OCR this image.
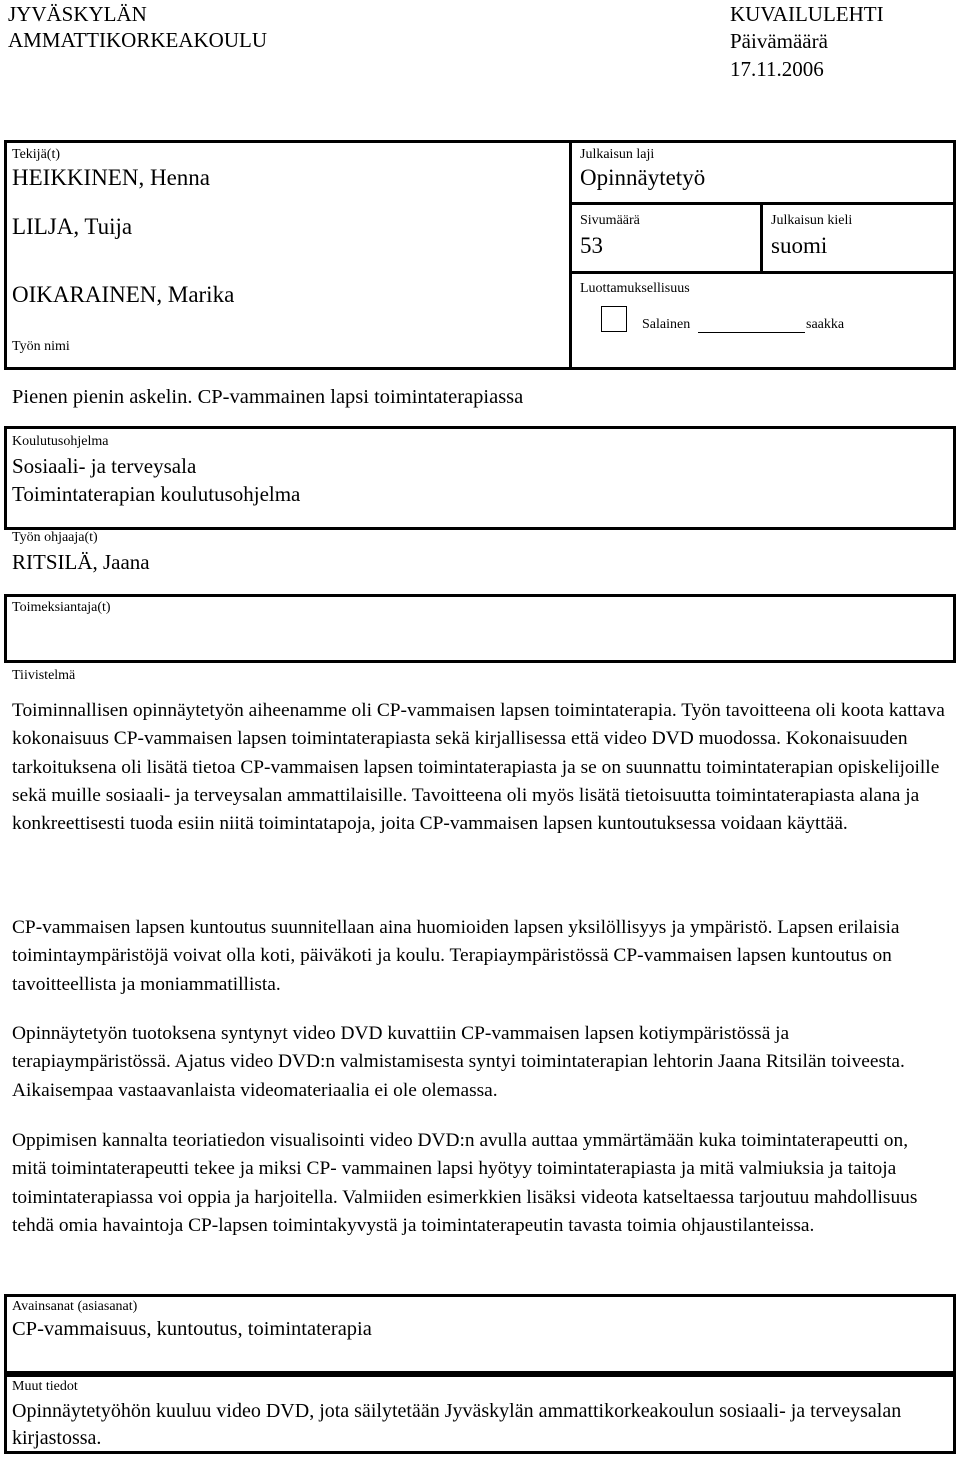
JYVÄSKYLÄN
AMMATTIKORKEAKOULU
KUVAILULEHTI
Päivämäärä
17.11.2006
Tekijä(t)
HEIKKINEN, Henna
LILJA, Tuija
OIKARAINEN, Marika
Työn nimi
Julkaisun laji
Opinnäytetyö
Sivumäärä
53
Julkaisun kieli
suomi
Luottamuksellisuus
Salainen	saakka
Pienen pienin askelin. CP-vammainen lapsi toimintaterapiassa
Koulutusohjelma
Sosiaali- ja terveysala
Toimintaterapian koulutusohjelma
Työn ohjaaja(t)
RITSILÄ, Jaana
Toimeksiantaja(t)
Tiivistelmä

Toiminnallisen opinnäytetyön aiheenamme oli CP-vammaisen lapsen toimintaterapia. Työn tavoitteena oli koota kattava kokonaisuus CP-vammaisen lapsen toimintaterapiasta sekä kirjallisessa että video DVD muodossa. Kokonaisuuden tarkoituksena oli lisätä tietoa CP-vammaisen lapsen toimintaterapiasta ja se on suunnattu toimintaterapian opiskelijoille sekä muille sosiaali- ja terveysalan ammattilaisille. Tavoitteena oli myös lisätä tietoisuutta toimintaterapiasta alana ja konkreettisesti tuoda esiin niitä toimintatapoja, joita CP-vammaisen lapsen kuntoutuksessa voidaan käyttää.

CP-vammaisen lapsen kuntoutus suunnitellaan aina huomioiden lapsen yksilöllisyys ja ympäristö. Lapsen erilaisia toimintaympäristöjä voivat olla koti, päiväkoti ja koulu. Terapiaympäristössä CP-vammaisen lapsen kuntoutus on tavoitteellista ja moniammatillista.

Opinnäytetyön tuotoksena syntynyt video DVD kuvattiin CP-vammaisen lapsen kotiympäristössä ja terapiaympäristössä. Ajatus video DVD:n valmistamisesta syntyi toimintaterapian lehtorin Jaana Ritsilän toiveesta. Aikaisempaa vastaavanlaista videomateriaalia ei ole olemassa.

Oppimisen kannalta teoriatiedon visualisointi video DVD:n avulla auttaa ymmärtämään kuka toimintaterapeutti on, mitä toimintaterapeutti tekee ja miksi CP- vammainen lapsi hyötyy toimintaterapiasta ja mitä valmiuksia ja taitoja toimintaterapiassa voi oppia ja harjoitella. Valmiiden esimerkkien lisäksi videota katseltaessa tarjoutuu mahdollisuus tehdä omia havaintoja CP-lapsen toimintakyvystä ja toimintaterapeutin tavasta toimia ohjaustilanteissa.

Avainsanat (asiasanat)
CP-vammaisuus, kuntoutus, toimintaterapia
Muut tiedot

Opinnäytetyöhön kuuluu video DVD, jota säilytetään Jyväskylän ammattikorkeakoulun sosiaali- ja terveysalan kirjastossa.
